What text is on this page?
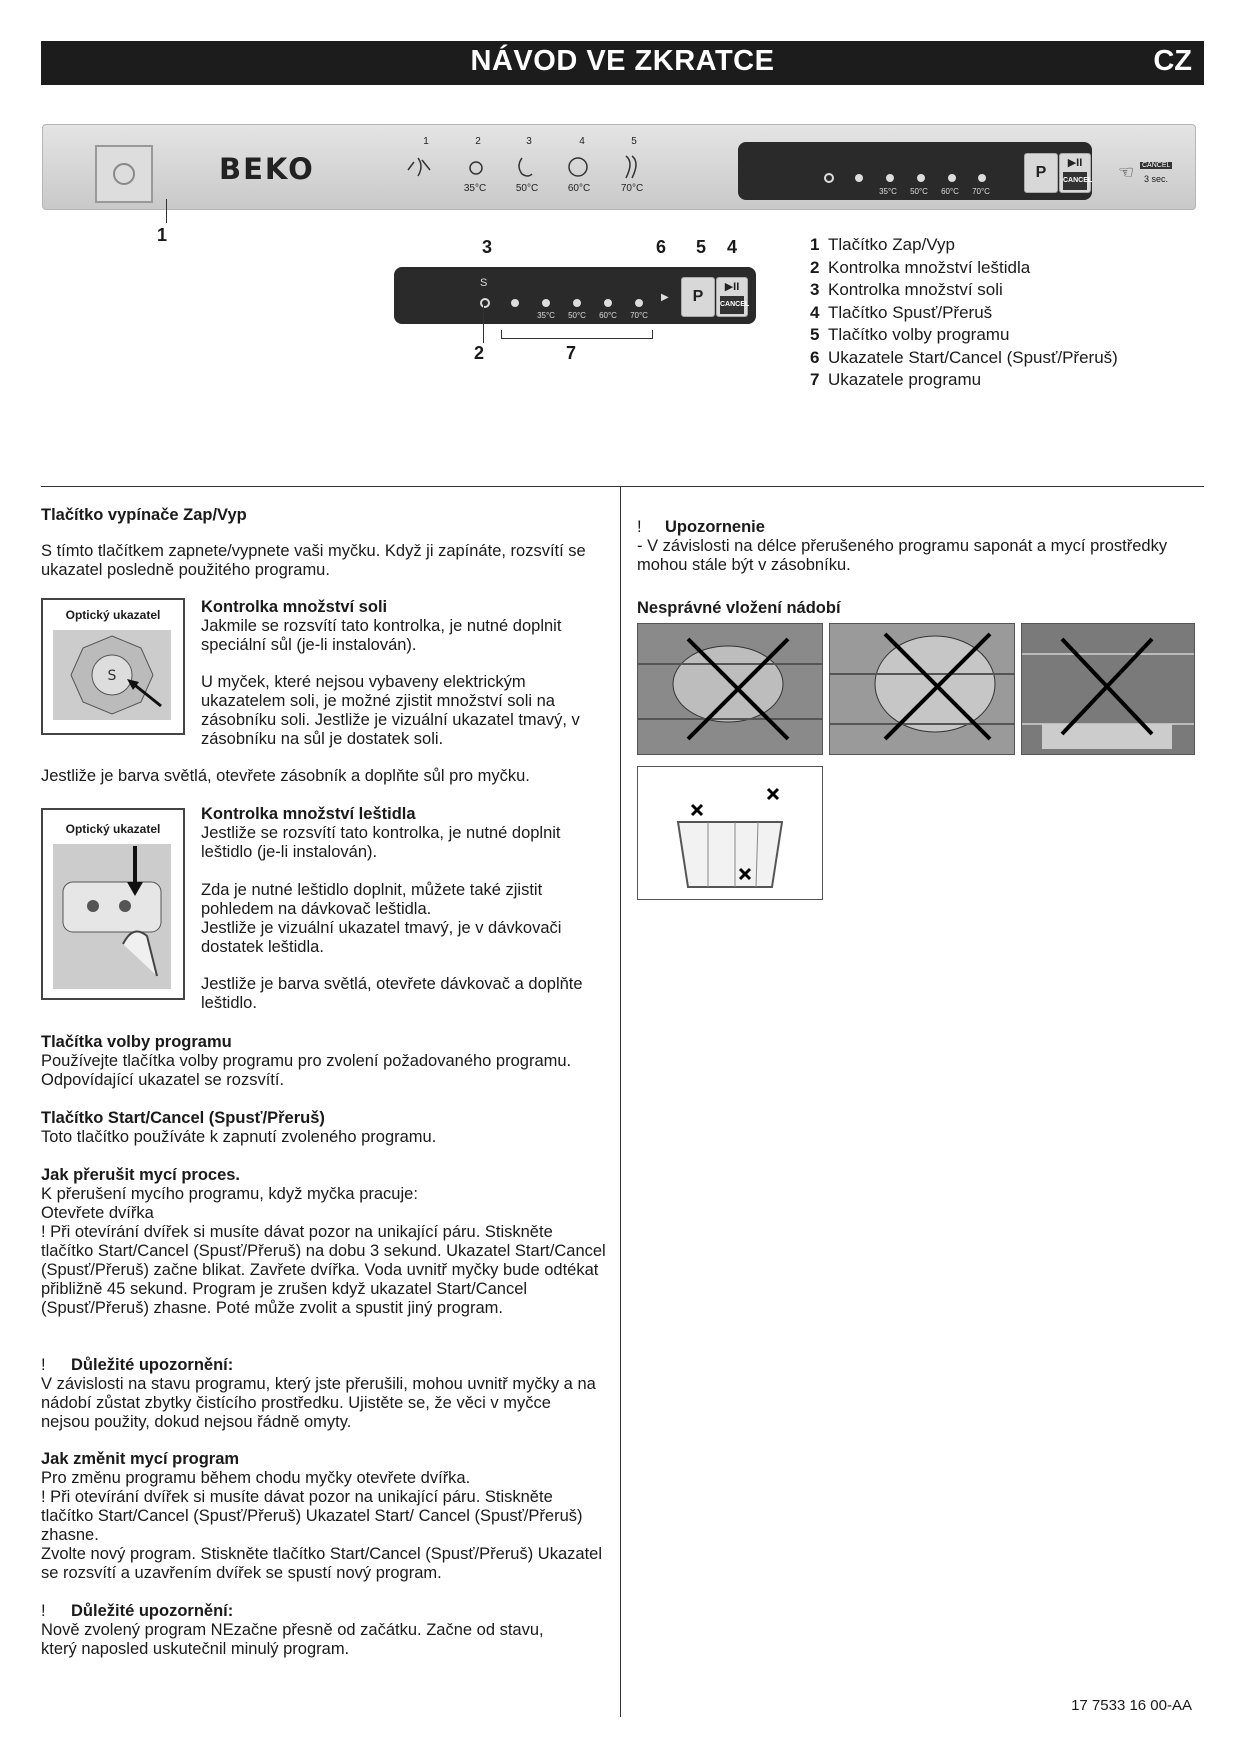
NÁVOD VE ZKRATCE	CZ
BEKO
1	2	3	4	5
35°C	50°C	60°C	70°C	35°C	50°C	60°C	70°C
P
▶II
CANCEL ☜ CANCEL
3 sec.
1
3	6 5 4
S
35°C	50°C	60°C	70°C
▶	P
▶II
CANCEL
2	7
1 Tlačítko Zap/Vyp
2 Kontrolka množství leštidla
3 Kontrolka množství soli
4 Tlačítko Spusť/Přeruš
5 Tlačítko volby programu
6 Ukazatele Start/Cancel (Spusť/Přeruš)
7 Ukazatele programu
Tlačítko vypínače Zap/Vyp
S tímto tlačítkem zapnete/vypnete vaši myčku. Když ji zapínáte, rozsvítí se ukazatel posledně použitého programu.
Optický ukazatel
S
Kontrolka množství soli
Jakmile se rozsvítí tato kontrolka, je nutné doplnit speciální sůl (je-li instalován).
U myček, které nejsou vybaveny elektrickým ukazatelem soli, je možné zjistit množství soli na zásobníku soli. Jestliže je vizuální ukazatel tmavý, v zásobníku na sůl je dostatek soli.
Jestliže je barva světlá, otevřete zásobník a doplňte sůl pro myčku.
Optický ukazatel
Kontrolka množství leštidla
Jestliže se rozsvítí tato kontrolka, je nutné doplnit leštidlo (je-li instalován).
Zda je nutné leštidlo doplnit, můžete také zjistit pohledem na dávkovač leštidla.
Jestliže je vizuální ukazatel tmavý, je v dávkovači dostatek leštidla.
Jestliže je barva světlá, otevřete dávkovač a doplňte leštidlo.
Tlačítka volby programu
Používejte tlačítka volby programu pro zvolení požadovaného programu. Odpovídající ukazatel se rozsvítí.
Tlačítko Start/Cancel (Spusť/Přeruš)
Toto tlačítko používáte k zapnutí zvoleného programu.
Jak přerušit mycí proces.
K přerušení mycího programu, když myčka pracuje:
Otevřete dvířka
! Při otevírání dvířek si musíte dávat pozor na unikající páru. Stiskněte tlačítko Start/Cancel (Spusť/Přeruš) na dobu 3 sekund. Ukazatel Start/Cancel (Spusť/Přeruš) začne blikat. Zavřete dvířka. Voda uvnitř myčky bude odtékat přibližně 45 sekund. Program je zrušen když ukazatel Start/Cancel (Spusť/Přeruš) zhasne. Poté může zvolit a spustit jiný program.
! Důležité upozornění:
V závislosti na stavu programu, který jste přerušili, mohou uvnitř myčky a na nádobí zůstat zbytky čistícího prostředku. Ujistěte se, že věci v myčce nejsou použity, dokud nejsou řádně omyty.
Jak změnit mycí program
Pro změnu programu během chodu myčky otevřete dvířka.
! Při otevírání dvířek si musíte dávat pozor na unikající páru. Stiskněte tlačítko Start/Cancel (Spusť/Přeruš) Ukazatel Start/ Cancel (Spusť/Přeruš) zhasne.
Zvolte nový program. Stiskněte tlačítko Start/Cancel (Spusť/Přeruš) Ukazatel se rozsvítí a uzavřením dvířek se spustí nový program.
! Důležité upozornění:
Nově zvolený program NEzačne přesně od začátku. Začne od stavu, který naposled uskutečnil minulý program.
! Upozornenie
- V závislosti na délce přerušeného programu saponát a mycí prostředky mohou stále být v zásobníku.
Nesprávné vložení nádobí
17 7533 16 00-AA
